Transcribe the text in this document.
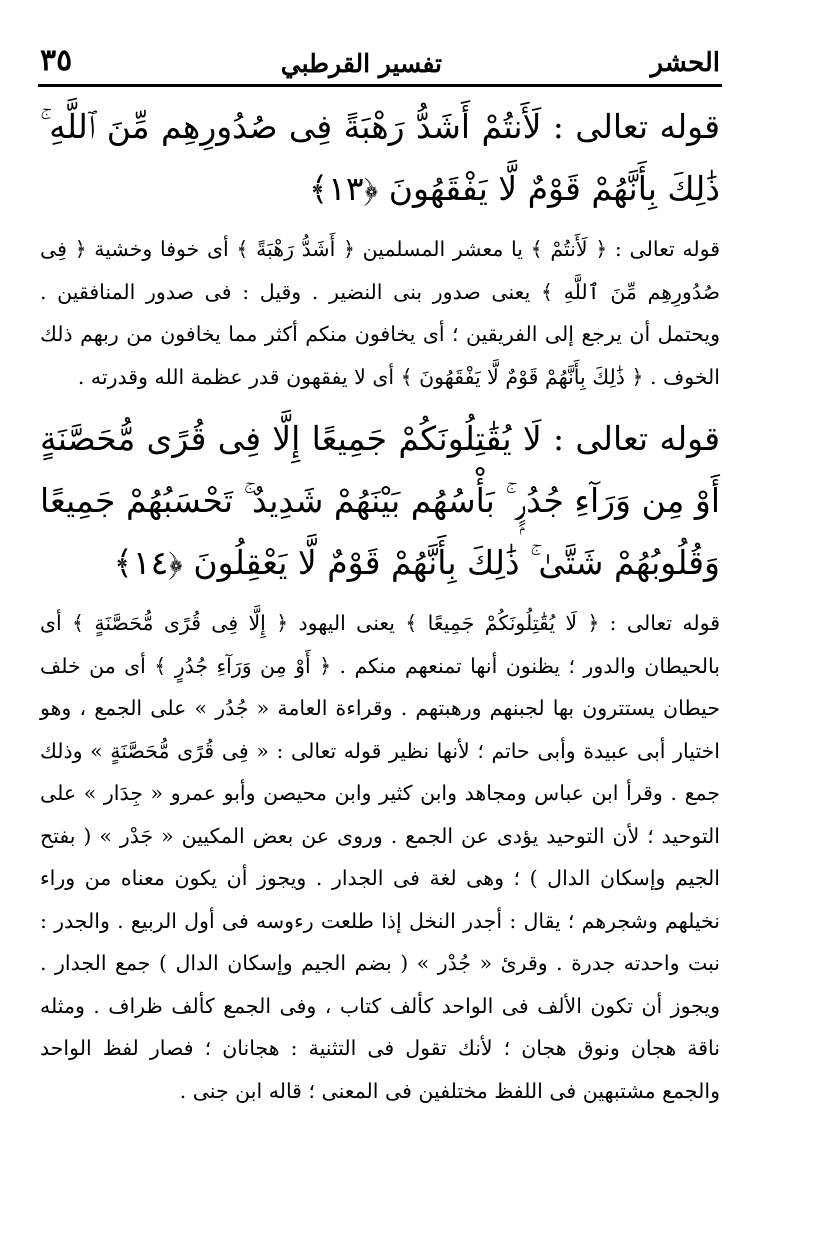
الحشر
تفسير القرطبي
٣٥

قوله تعالى : لَأَنتُمْ أَشَدُّ رَهْبَةً فِى صُدُورِهِم مِّنَ ٱللَّهِ ۚ ذَٰلِكَ بِأَنَّهُمْ قَوْمٌ لَّا يَفْقَهُونَ ﴿١٣﴾

قوله تعالى : ﴿ لَأَنتُمْ ﴾ يا معشر المسلمين ﴿ أَشَدُّ رَهْبَةً ﴾ أى خوفا وخشية ﴿ فِى صُدُورِهِم مِّنَ ٱللَّهِ ﴾ يعنى صدور بنى النضير . وقيل : فى صدور المنافقين . ويحتمل أن يرجع إلى الفريقين ؛ أى يخافون منكم أكثر مما يخافون من ربهم ذلك الخوف . ﴿ ذَٰلِكَ بِأَنَّهُمْ قَوْمٌ لَّا يَفْقَهُونَ ﴾ أى لا يفقهون قدر عظمة الله وقدرته .

قوله تعالى : لَا يُقَٰتِلُونَكُمْ جَمِيعًا إِلَّا فِى قُرًى مُّحَصَّنَةٍ أَوْ مِن وَرَآءِ جُدُرٍۭ ۚ بَأْسُهُم بَيْنَهُمْ شَدِيدٌ ۚ تَحْسَبُهُمْ جَمِيعًا وَقُلُوبُهُمْ شَتَّىٰ ۚ ذَٰلِكَ بِأَنَّهُمْ قَوْمٌ لَّا يَعْقِلُونَ ﴿١٤﴾

قوله تعالى : ﴿ لَا يُقَٰتِلُونَكُمْ جَمِيعًا ﴾ يعنى اليهود ﴿ إِلَّا فِى قُرًى مُّحَصَّنَةٍ ﴾ أى بالحيطان والدور ؛ يظنون أنها تمنعهم منكم . ﴿ أَوْ مِن وَرَآءِ جُدُرٍ ﴾ أى من خلف حيطان يستترون بها لجبنهم ورهبتهم . وقراءة العامة « جُدُر » على الجمع ، وهو اختيار أبى عبيدة وأبى حاتم ؛ لأنها نظير قوله تعالى : « فِى قُرًى مُّحَصَّنَةٍ » وذلك جمع . وقرأ ابن عباس ومجاهد وابن كثير وابن محيصن وأبو عمرو « جِدَار » على التوحيد ؛ لأن التوحيد يؤدى عن الجمع . وروى عن بعض المكيين « جَدْر » ( بفتح الجيم وإسكان الدال ) ؛ وهى لغة فى الجدار . ويجوز أن يكون معناه من وراء نخيلهم وشجرهم ؛ يقال : أجدر النخل إذا طلعت رءوسه فى أول الربيع . والجدر : نبت واحدته جدرة . وقرئ « جُدْر » ( بضم الجيم وإسكان الدال ) جمع الجدار . ويجوز أن تكون الألف فى الواحد كألف كتاب ، وفى الجمع كألف ظراف . ومثله ناقة هجان ونوق هجان ؛ لأنك تقول فى التثنية : هجانان ؛ فصار لفظ الواحد والجمع مشتبهين فى اللفظ مختلفين فى المعنى ؛ قاله ابن جنى .
